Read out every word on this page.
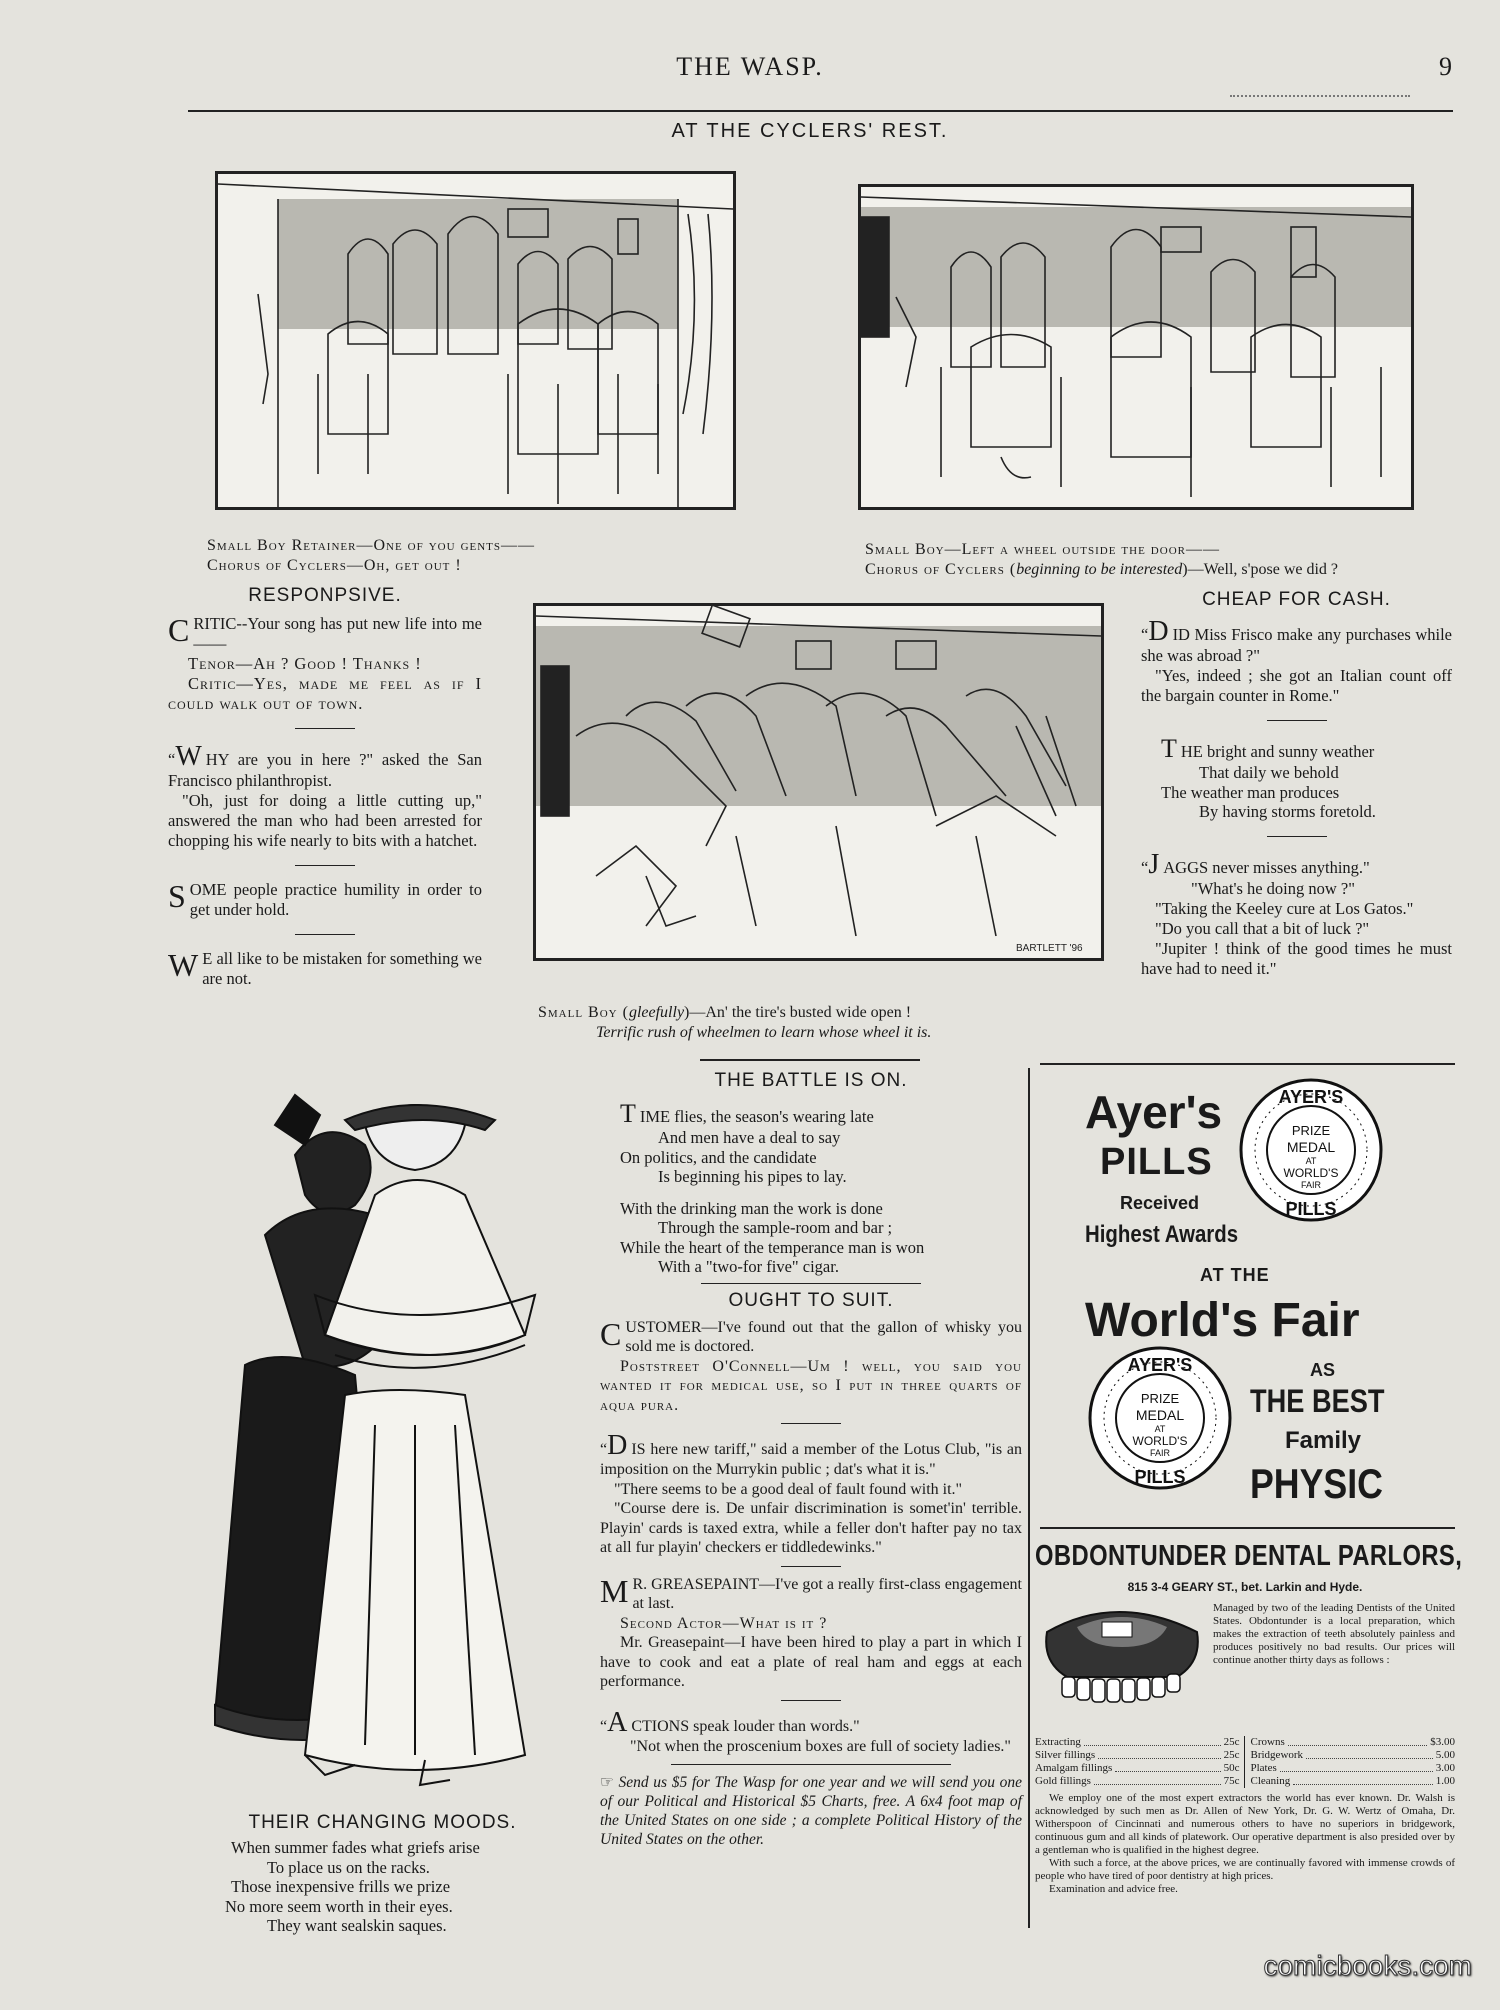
THE WASP.	9
AT THE CYCLERS' REST.
Small Boy Retainer—One of you gents——
Chorus of Cyclers—Oh, get out !
Small Boy—Left a wheel outside the door——
Chorus of Cyclers (beginning to be interested)—Well, s'pose we did ?
RESPONPSIVE.

CRITIC--Your song has put new life into me——

Tenor—Ah ? Good ! Thanks !

Critic—Yes, made me feel as if I could walk out of town.

“W HY are you in here ?" asked the San Francisco philanthropist.

"Oh, just for doing a little cutting up," answered the man who had been arrested for chopping his wife nearly to bits with a hatchet.

SOME people practice humility in order to get under hold.

W E all like to be mistaken for something we are not.

BARTLETT '96
Small Boy (gleefully)—An' the tire's busted wide open !
Terrific rush of wheelmen to learn whose wheel it is.
CHEAP FOR CASH.

“D ID Miss Frisco make any purchases while she was abroad ?"

"Yes, indeed ; she got an Italian count off the bargain counter in Rome."

THE bright and sunny weather
That daily we behold
The weather man produces
By having storms foretold.

“J AGGS never misses anything."

"What's he doing now ?"

"Taking the Keeley cure at Los Gatos."

"Do you call that a bit of luck ?"

"Jupiter ! think of the good times he must have had to need it."

THEIR CHANGING MOODS.
When summer fades what griefs arise
To place us on the racks.
Those inexpensive frills we prize
No more seem worth in their eyes.
They want sealskin saques.
THE BATTLE IS ON.
TIME flies, the season's wearing late
And men have a deal to say
On politics, and the candidate
Is beginning his pipes to lay.
With the drinking man the work is done
Through the sample-room and bar ;
While the heart of the temperance man is won
With a "two-for five" cigar.
OUGHT TO SUIT.

CUSTOMER—I've found out that the gallon of whisky you sold me is doctored.

Poststreet O'Connell—Um ! well, you said you wanted it for medical use, so I put in three quarts of aqua pura.

“D IS here new tariff," said a member of the Lotus Club, "is an imposition on the Murrykin public ; dat's what it is."

"There seems to be a good deal of fault found with it."

"Course dere is. De unfair discrimination is somet'in' terrible. Playin' cards is taxed extra, while a feller don't hafter pay no tax at all fur playin' checkers er tiddledewinks."

M R. GREASEPAINT—I've got a really first-class engagement at last.

Second Actor—What is it ?

Mr. Greasepaint—I have been hired to play a part in which I have to cook and eat a plate of real ham and eggs at each performance.

“A CTIONS speak louder than words."

"Not when the proscenium boxes are full of society ladies."

☞ Send us $5 for The Wasp for one year and we will send you one of our Political and Historical $5 Charts, free. A 6x4 foot map of the United States on one side ; a complete Political History of the United States on the other.

Ayer's
PILLS
Received
Highest Awards
AT THE
World's Fair
AS
THE BEST
Family
PHYSIC
AYER'S
PRIZE
MEDAL
AT
WORLD'S
FAIR
PILLS
AYER'S
PRIZE
MEDAL
AT
WORLD'S
FAIR
PILLS
OBDONTUNDER DENTAL PARLORS,
815 3-4 GEARY ST., bet. Larkin and Hyde.
Managed by two of the leading Dentists of the United States. Obdontunder is a local preparation, which makes the extraction of teeth absolutely painless and produces positively no bad results. Our prices will continue another thirty days as follows :
Extracting	25c
Silver fillings	25c
Amalgam fillings	50c
Gold fillings	75c
Crowns	$3.00
Bridgework	5.00
Plates	3.00
Cleaning	1.00
We employ one of the most expert extractors the world has ever known. Dr. Walsh is acknowledged by such men as Dr. Allen of New York, Dr. G. W. Wertz of Omaha, Dr. Witherspoon of Cincinnati and numerous others to have no superiors in bridgework, continuous gum and all kinds of platework. Our operative department is also presided over by a gentleman who is qualified in the highest degree.
With such a force, at the above prices, we are continually favored with immense crowds of people who have tired of poor dentistry at high prices.
Examination and advice free.
comicbooks.com
